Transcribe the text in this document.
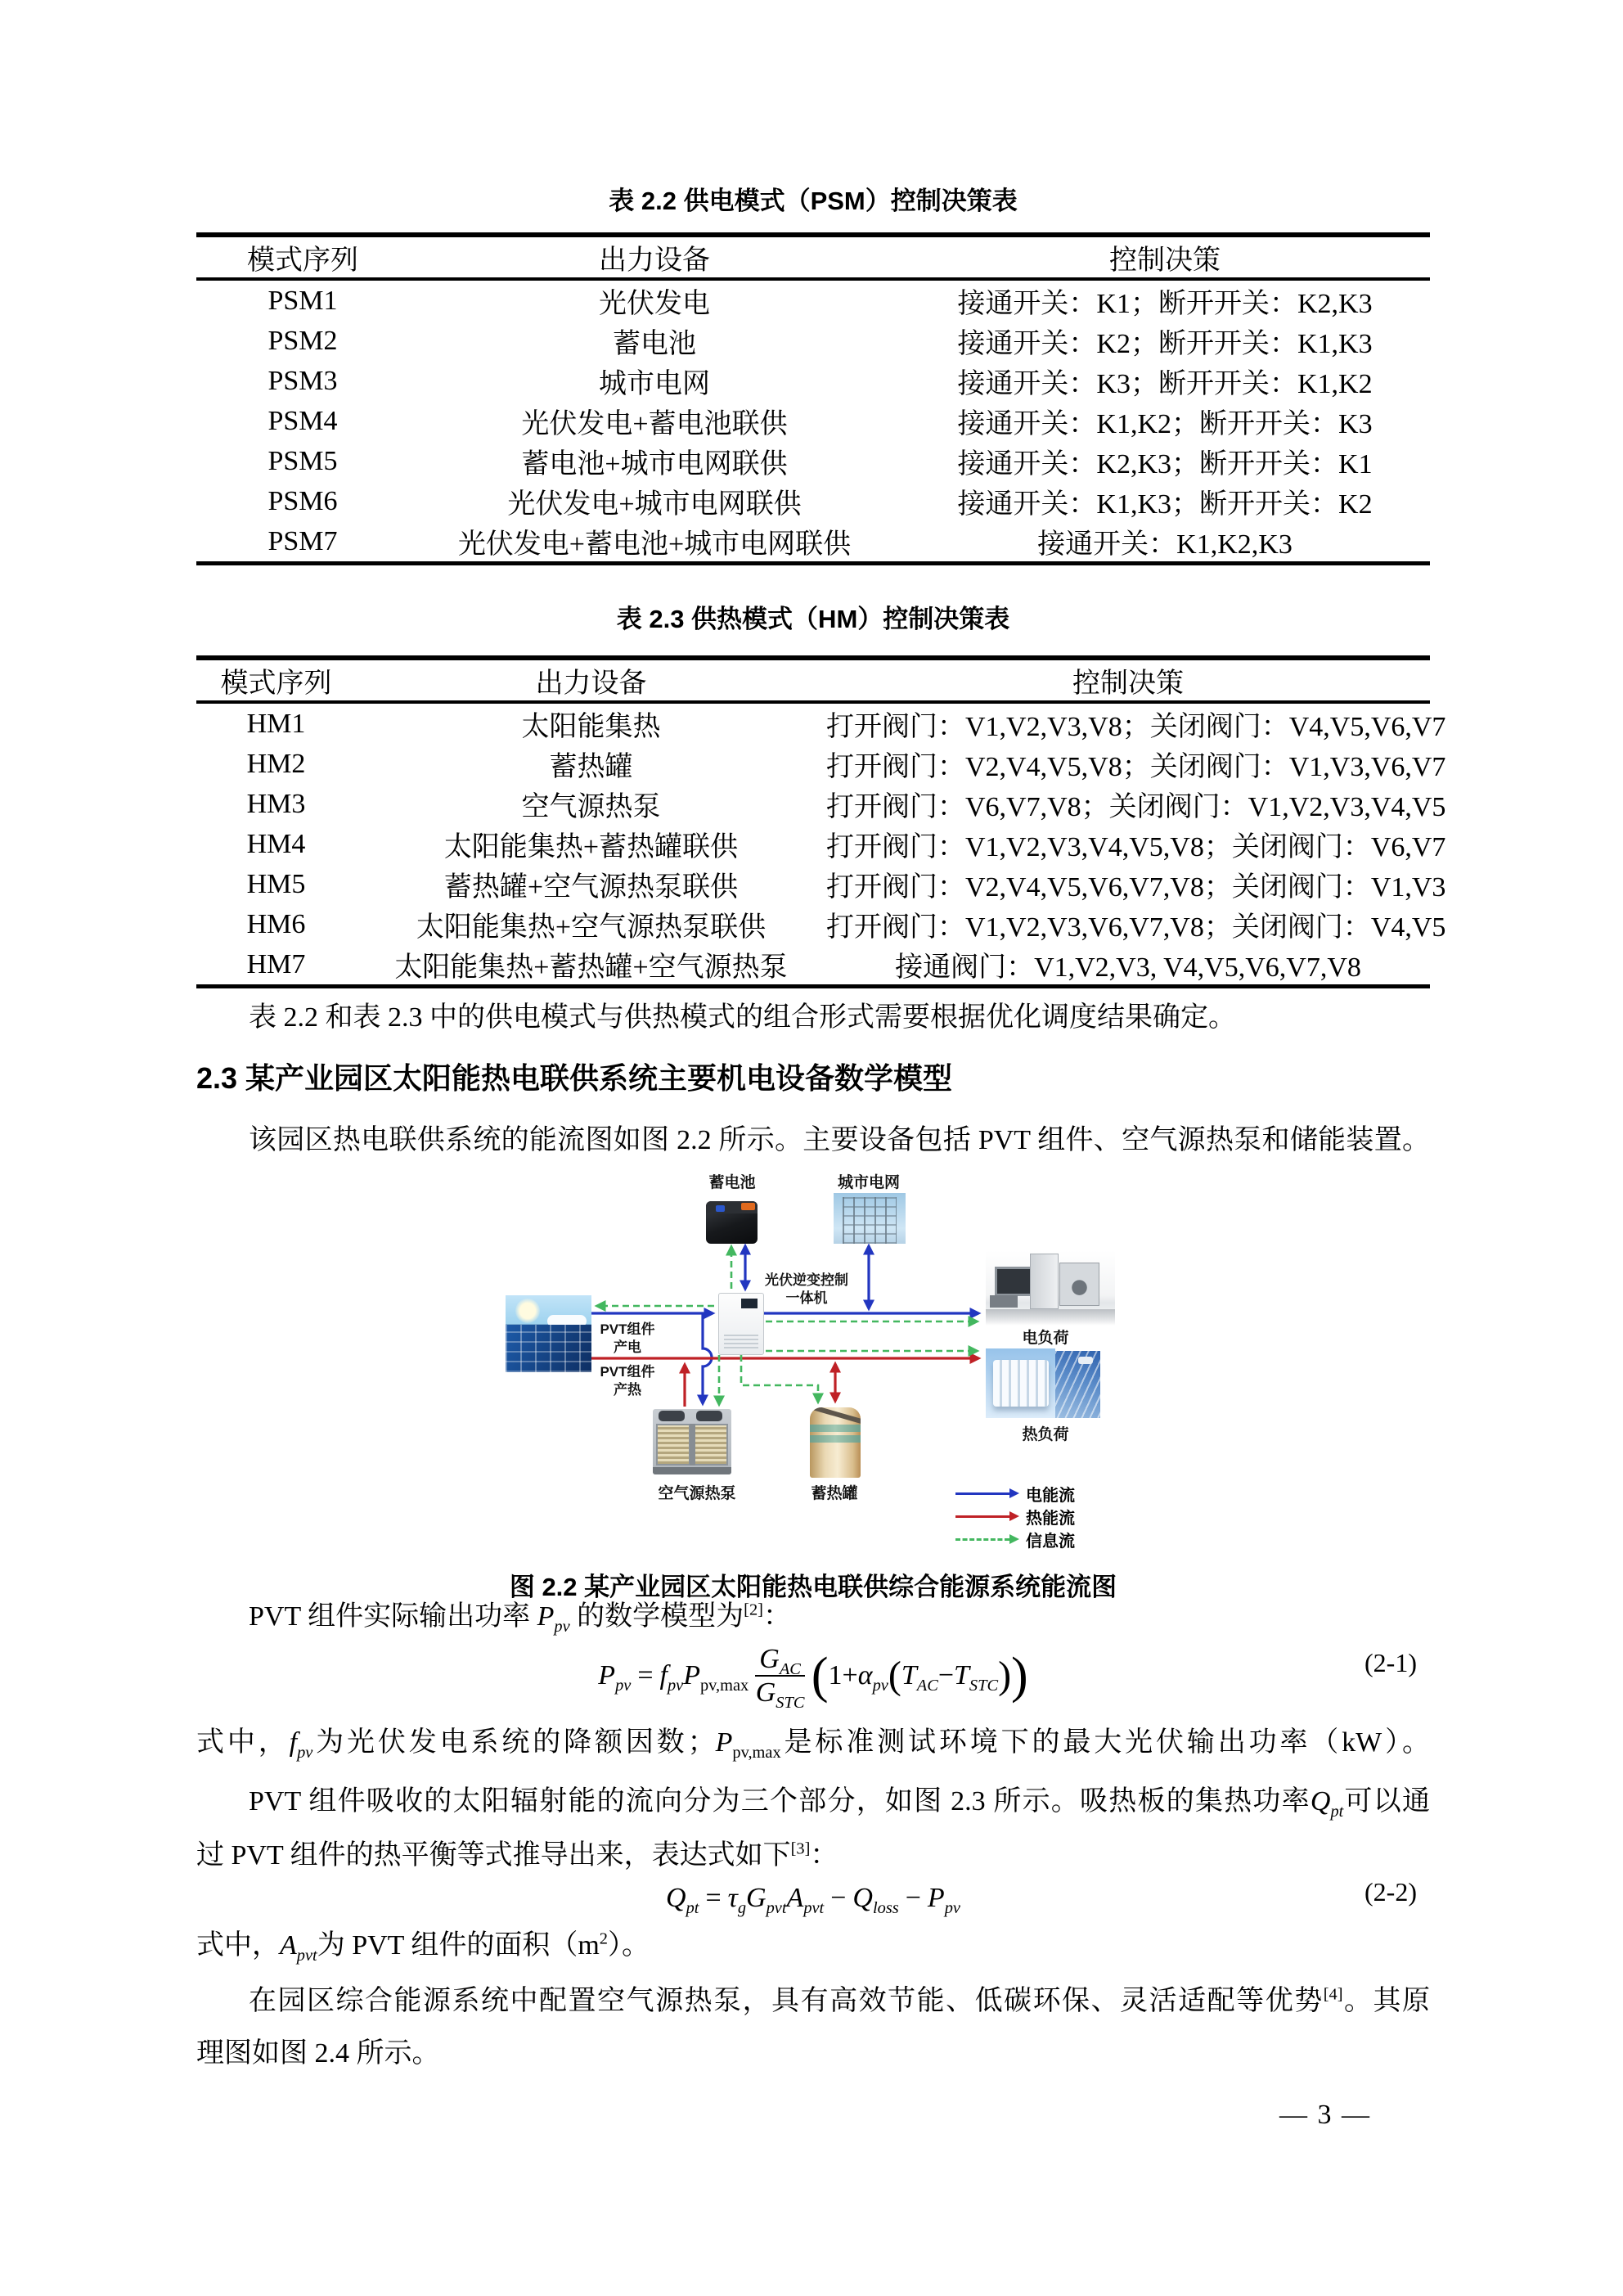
表 2.2 供电模式（PSM）控制决策表
模式序列	出力设备	控制决策
PSM1	光伏发电	接通开关：K1；断开开关：K2,K3
PSM2	蓄电池	接通开关：K2；断开开关：K1,K3
PSM3	城市电网	接通开关：K3；断开开关：K1,K2
PSM4	光伏发电+蓄电池联供	接通开关：K1,K2；断开开关：K3
PSM5	蓄电池+城市电网联供	接通开关：K2,K3；断开开关：K1
PSM6	光伏发电+城市电网联供	接通开关：K1,K3；断开开关：K2
PSM7	光伏发电+蓄电池+城市电网联供	接通开关：K1,K2,K3
表 2.3 供热模式（HM）控制决策表
模式序列	出力设备	控制决策
HM1	太阳能集热	打开阀门：V1,V2,V3,V8；关闭阀门：V4,V5,V6,V7
HM2	蓄热罐	打开阀门：V2,V4,V5,V8；关闭阀门：V1,V3,V6,V7
HM3	空气源热泵	打开阀门：V6,V7,V8；关闭阀门：V1,V2,V3,V4,V5
HM4	太阳能集热+蓄热罐联供	打开阀门：V1,V2,V3,V4,V5,V8；关闭阀门：V6,V7
HM5	蓄热罐+空气源热泵联供	打开阀门：V2,V4,V5,V6,V7,V8；关闭阀门：V1,V3
HM6	太阳能集热+空气源热泵联供	打开阀门：V1,V2,V3,V6,V7,V8；关闭阀门：V4,V5
HM7	太阳能集热+蓄热罐+空气源热泵	接通阀门：V1,V2,V3, V4,V5,V6,V7,V8
表 2.2 和表 2.3 中的供电模式与供热模式的组合形式需要根据优化调度结果确定。
2.3 某产业园区太阳能热电联供系统主要机电设备数学模型
该园区热电联供系统的能流图如图 2.2 所示。主要设备包括 PVT 组件、空气源热泵和储能装置。
蓄电池	城市电网
光伏逆变控制
一体机
PVT组件
产电
PVT组件
产热
电负荷
热负荷
空气源热泵	蓄热罐	电能流
热能流
信息流
图 2.2 某产业园区太阳能热电联供综合能源系统能流图
PVT 组件实际输出功率 $P_{pv}$ 的数学模型为[2]：
$P_{pv} = f_{pv}$ $P_{pv,max} \frac{G_{AC}}{G_{STC}}$ ( $1+ \alpha_{pv}$ ( $T_{AC} - T_{STC}$ ) )	(2-1)
式中，$f_{pv}$为光伏发电系统的降额因数；$P_{pv,max}$是标准测试环境下的最大光伏输出功率（kW）。
PVT 组件吸收的太阳辐射能的流向分为三个部分，如图 2.3 所示。吸热板的集热功率$Q_{pt}$可以通
过 PVT 组件的热平衡等式推导出来，表达式如下[3]：
$Q_{pt} = \tau_g$ $G_{pvt}$ $A_{pvt} - Q_{loss} - P_{pv}$
(2-2)
式中，$A_{pvt}$为 PVT 组件的面积$(m^2)$。
在园区综合能源系统中配置空气源热泵，具有高效节能、低碳环保、灵活适配等优势[4]。其原
理图如图 2.4 所示。
— 3 —
